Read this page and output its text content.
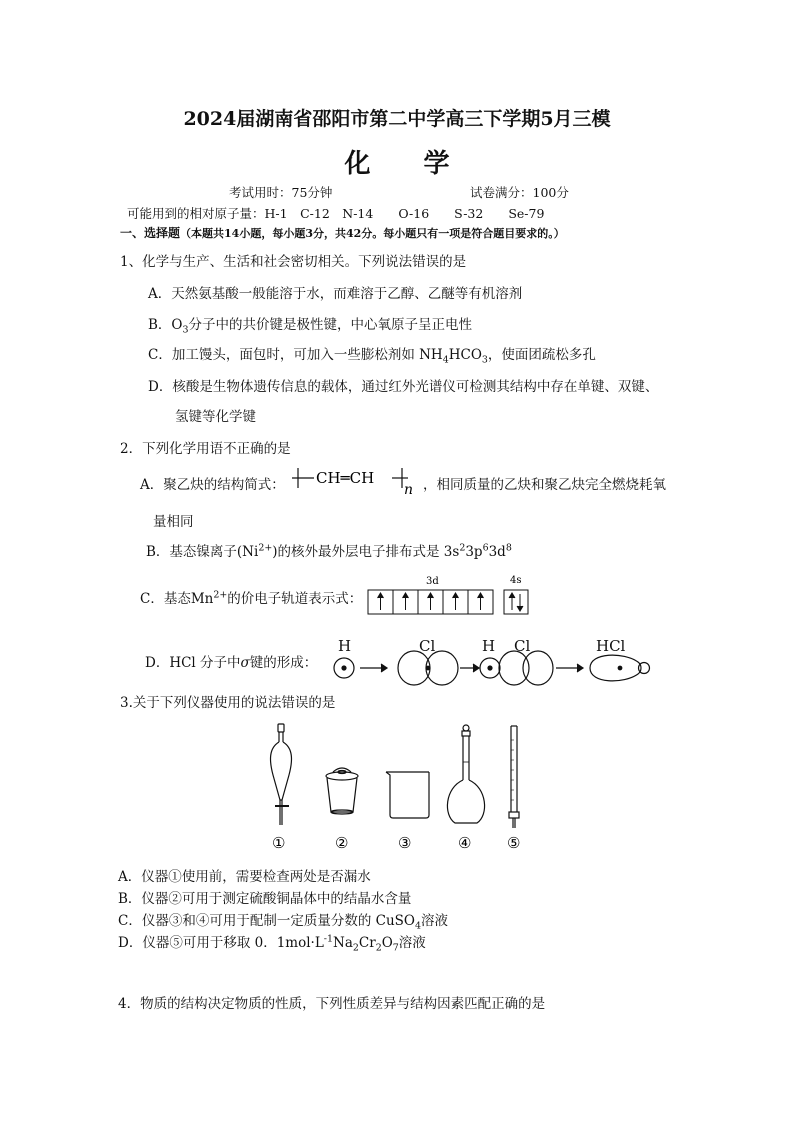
2024届湖南省邵阳市第二中学高三下学期5月三模
化 学
考试用时：75分钟	试卷满分：100分
可能用到的相对原子量：H-1　C-12　N-14　　O-16　　S-32　　Se-79
一、选择题（本题共14小题，每小题3分，共42分。每小题只有一项是符合题目要求的。）
1、化学与生产、生活和社会密切相关。下列说法错误的是
A．天然氨基酸一般能溶于水，而难溶于乙醇、乙醚等有机溶剂
B．$O_3$分子中的共价键是极性键，中心氧原子呈正电性
C．加工馒头，面包时，可加入一些膨松剂如 $NH_4HCO_3$，使面团疏松多孔
D．核酸是生物体遗传信息的载体，通过红外光谱仪可检测其结构中存在单键、双键、
氢键等化学键
2．下列化学用语不正确的是
A．聚乙炔的结构简式： CH═CH
n ，相同质量的乙炔和聚乙炔完全燃烧耗氧
量相同
B．基态镍离子$(Ni^{2+})$的核外最外层电子排布式是 $3s^23p^63d^8$
C．基态$Mn^{2+}$的价电子轨道表示式：
3d	4s
D．HCl 分子中σ键的形成：
H	Cl	H Cl	HCl
3.关于下列仪器使用的说法错误的是
①	②	③	④ ⑤
A．仪器①使用前，需要检查两处是否漏水
B．仪器②可用于测定硫酸铜晶体中的结晶水含量
C．仪器③和④可用于配制一定质量分数的 CuSO$_4$溶液
D．仪器⑤可用于移取 0．$1mol\cdot L^{-1}Na_2Cr_2O_7$溶液
4．物质的结构决定物质的性质，下列性质差异与结构因素匹配正确的是
